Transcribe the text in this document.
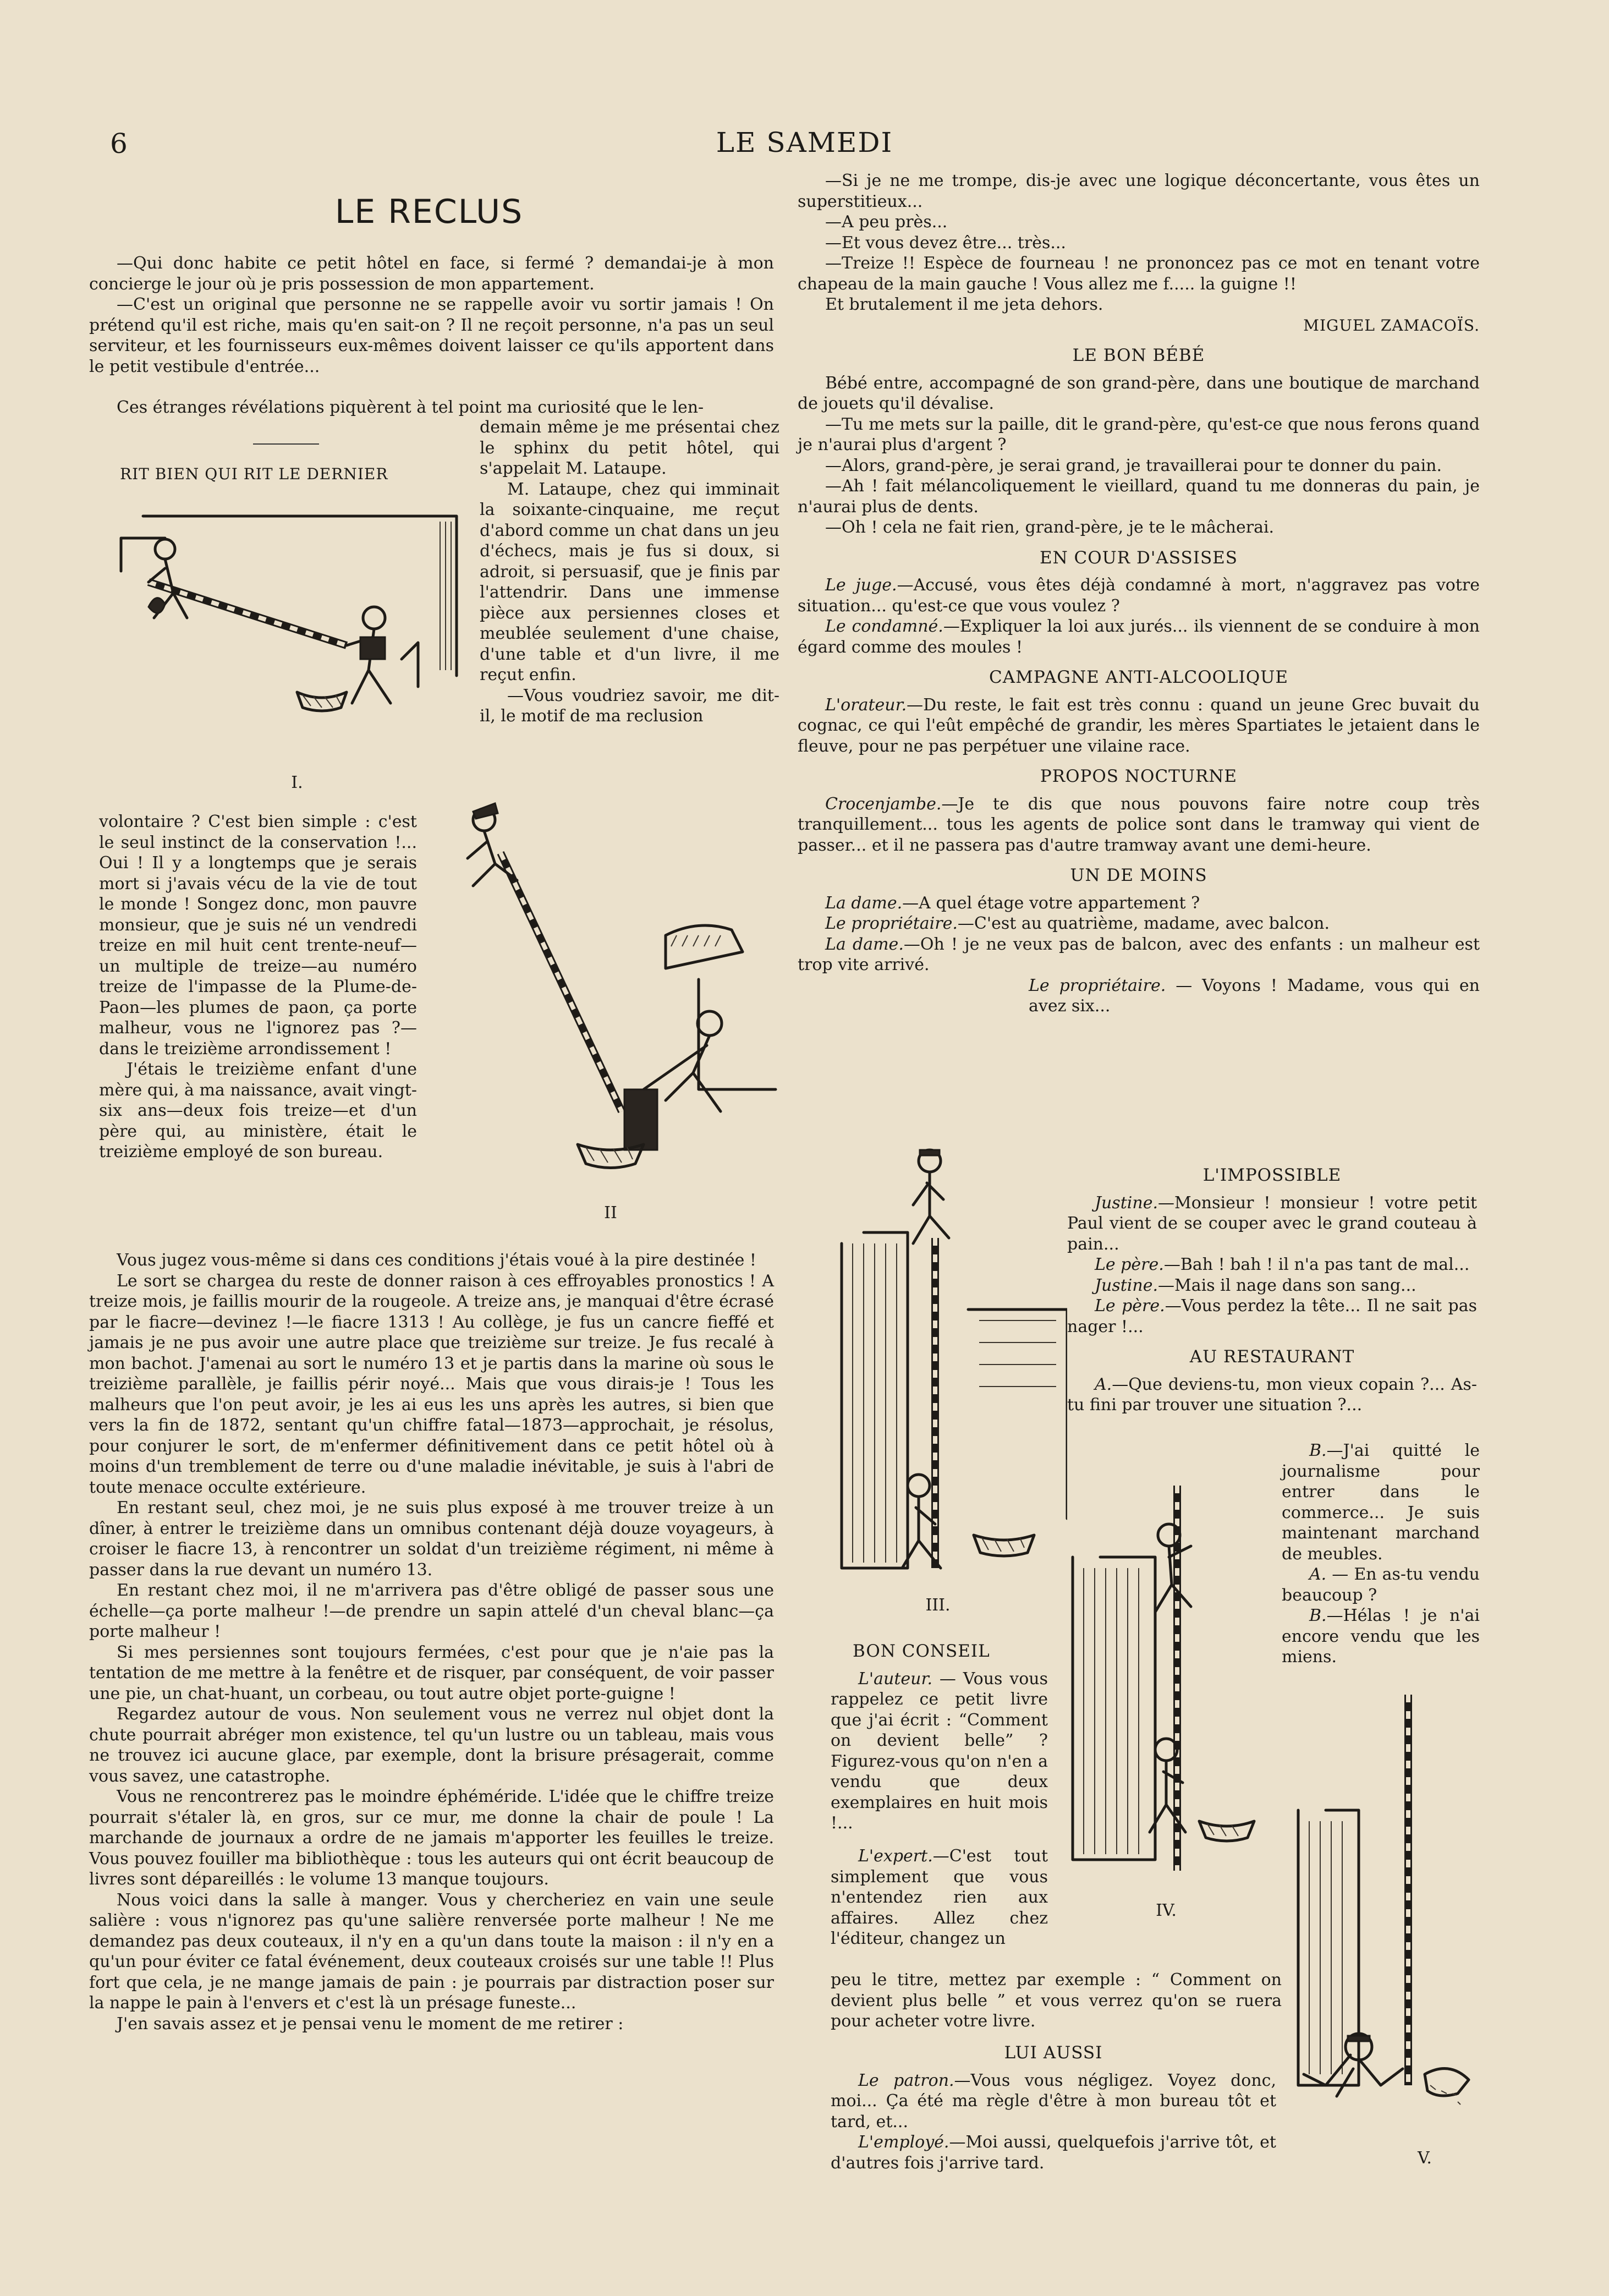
6	LE SAMEDI
LE RECLUS

—Qui donc habite ce petit hôtel en face, si fermé ? demandai-je à mon concierge le jour où je pris possession de mon appartement.

—C'est un original que personne ne se rappelle avoir vu sortir jamais ! On prétend qu'il est riche, mais qu'en sait-on ? Il ne reçoit personne, n'a pas un seul serviteur, et les fournisseurs eux-mêmes doivent laisser ce qu'ils apportent dans le petit vestibule d'entrée...

Ces étranges révélations piquèrent à tel point ma curiosité que le len-

RIT BIEN QUI RIT LE DERNIER

demain même je me présentai chez le sphinx du petit hôtel, qui s'appelait M. Lataupe.

M. Lataupe, chez qui imminait la soixante-cinquaine, me reçut d'abord comme un chat dans un jeu d'échecs, mais je fus si doux, si adroit, si persuasif, que je finis par l'attendrir. Dans une immense pièce aux persiennes closes et meublée seulement d'une chaise, d'une table et d'un livre, il me reçut enfin.

—Vous voudriez savoir, me dit-il, le motif de ma reclusion

I.

volontaire ? C'est bien simple : c'est le seul instinct de la conservation !... Oui ! Il y a longtemps que je serais mort si j'avais vécu de la vie de tout le monde ! Songez donc, mon pauvre monsieur, que je suis né un vendredi treize en mil huit cent trente-neuf—un multiple de treize—au numéro treize de l'impasse de la Plume-de-Paon—les plumes de paon, ça porte malheur, vous ne l'ignorez pas ?—dans le treizième arrondissement !

J'étais le treizième enfant d'une mère qui, à ma naissance, avait vingt-six ans—deux fois treize—et d'un père qui, au ministère, était le treizième employé de son bureau.

II

Vous jugez vous-même si dans ces conditions j'étais voué à la pire destinée !

Le sort se chargea du reste de donner raison à ces effroyables pronostics ! A treize mois, je faillis mourir de la rougeole. A treize ans, je manquai d'être écrasé par le fiacre—devinez !—le fiacre 1313 ! Au collège, je fus un cancre fieffé et jamais je ne pus avoir une autre place que treizième sur treize. Je fus recalé à mon bachot. J'amenai au sort le numéro 13 et je partis dans la marine où sous le treizième parallèle, je faillis périr noyé... Mais que vous dirais-je ! Tous les malheurs que l'on peut avoir, je les ai eus les uns après les autres, si bien que vers la fin de 1872, sentant qu'un chiffre fatal—1873—approchait, je résolus, pour conjurer le sort, de m'enfermer définitivement dans ce petit hôtel où à moins d'un tremblement de terre ou d'une maladie inévitable, je suis à l'abri de toute menace occulte extérieure.

En restant seul, chez moi, je ne suis plus exposé à me trouver treize à un dîner, à entrer le treizième dans un omnibus contenant déjà douze voyageurs, à croiser le fiacre 13, à rencontrer un soldat d'un treizième régiment, ni même à passer dans la rue devant un numéro 13.

En restant chez moi, il ne m'arrivera pas d'être obligé de passer sous une échelle—ça porte malheur !—de prendre un sapin attelé d'un cheval blanc—ça porte malheur !

Si mes persiennes sont toujours fermées, c'est pour que je n'aie pas la tentation de me mettre à la fenêtre et de risquer, par conséquent, de voir passer une pie, un chat-huant, un corbeau, ou tout autre objet porte-guigne !

Regardez autour de vous. Non seulement vous ne verrez nul objet dont la chute pourrait abréger mon existence, tel qu'un lustre ou un tableau, mais vous ne trouvez ici aucune glace, par exemple, dont la brisure présagerait, comme vous savez, une catastrophe.

Vous ne rencontrerez pas le moindre éphéméride. L'idée que le chiffre treize pourrait s'étaler là, en gros, sur ce mur, me donne la chair de poule ! La marchande de journaux a ordre de ne jamais m'apporter les feuilles le treize. Vous pouvez fouiller ma bibliothèque : tous les auteurs qui ont écrit beaucoup de livres sont dépareillés : le volume 13 manque toujours.

Nous voici dans la salle à manger. Vous y chercheriez en vain une seule salière : vous n'ignorez pas qu'une salière renversée porte malheur ! Ne me demandez pas deux couteaux, il n'y en a qu'un dans toute la maison : il n'y en a qu'un pour éviter ce fatal événement, deux couteaux croisés sur une table !! Plus fort que cela, je ne mange jamais de pain : je pourrais par distraction poser sur la nappe le pain à l'envers et c'est là un présage funeste...

J'en savais assez et je pensai venu le moment de me retirer :

—Si je ne me trompe, dis-je avec une logique déconcertante, vous êtes un superstitieux...

—A peu près...

—Et vous devez être... très...

—Treize !! Espèce de fourneau ! ne prononcez pas ce mot en tenant votre chapeau de la main gauche ! Vous allez me f..... la guigne !!

Et brutalement il me jeta dehors.

MIGUEL ZAMACOÏS.
LE BON BÉBÉ

Bébé entre, accompagné de son grand-père, dans une boutique de marchand de jouets qu'il dévalise.

—Tu me mets sur la paille, dit le grand-père, qu'est-ce que nous ferons quand je n'aurai plus d'argent ?

—Alors, grand-père, je serai grand, je travaillerai pour te donner du pain.

—Ah ! fait mélancoliquement le vieillard, quand tu me donneras du pain, je n'aurai plus de dents.

—Oh ! cela ne fait rien, grand-père, je te le mâcherai.

EN COUR D'ASSISES

Le juge.—Accusé, vous êtes déjà condamné à mort, n'aggravez pas votre situation... qu'est-ce que vous voulez ?

Le condamné.—Expliquer la loi aux jurés... ils viennent de se conduire à mon égard comme des moules !

CAMPAGNE ANTI-ALCOOLIQUE

L'orateur.—Du reste, le fait est très connu : quand un jeune Grec buvait du cognac, ce qui l'eût empêché de grandir, les mères Spartiates le jetaient dans le fleuve, pour ne pas perpétuer une vilaine race.

PROPOS NOCTURNE

Crocenjambe.—Je te dis que nous pouvons faire notre coup très tranquillement... tous les agents de police sont dans le tramway qui vient de passer... et il ne passera pas d'autre tramway avant une demi-heure.

UN DE MOINS

La dame.—A quel étage votre appartement ?

Le propriétaire.—C'est au quatrième, madame, avec balcon.

La dame.—Oh ! je ne veux pas de balcon, avec des enfants : un malheur est trop vite arrivé.

Le propriétaire. — Voyons ! Madame, vous qui en avez six...

L'IMPOSSIBLE

Justine.—Monsieur ! monsieur ! votre petit Paul vient de se couper avec le grand couteau à pain...

Le père.—Bah ! bah ! il n'a pas tant de mal...

Justine.—Mais il nage dans son sang...

Le père.—Vous perdez la tête... Il ne sait pas nager !...

AU RESTAURANT

A.—Que deviens-tu, mon vieux copain ?... As-tu fini par trouver une situation ?...

B.—J'ai quitté le journalisme pour entrer dans le commerce... Je suis maintenant marchand de meubles.

A. — En as-tu vendu beaucoup ?

B.—Hélas ! je n'ai encore vendu que les miens.

III.
IV.
V.
BON CONSEIL

L'auteur. — Vous vous rappelez ce petit livre que j'ai écrit : “Comment on devient belle” ? Figurez-vous qu'on n'en a vendu que deux exemplaires en huit mois !...

L'expert.—C'est tout simplement que vous n'entendez rien aux affaires. Allez chez l'éditeur, changez un

peu le titre, mettez par exemple : “ Comment on devient plus belle ” et vous verrez qu'on se ruera pour acheter votre livre.

LUI AUSSI

Le patron.—Vous vous négligez. Voyez donc, moi... Ça été ma règle d'être à mon bureau tôt et tard, et...

L'employé.—Moi aussi, quelquefois j'arrive tôt, et d'autres fois j'arrive tard.
